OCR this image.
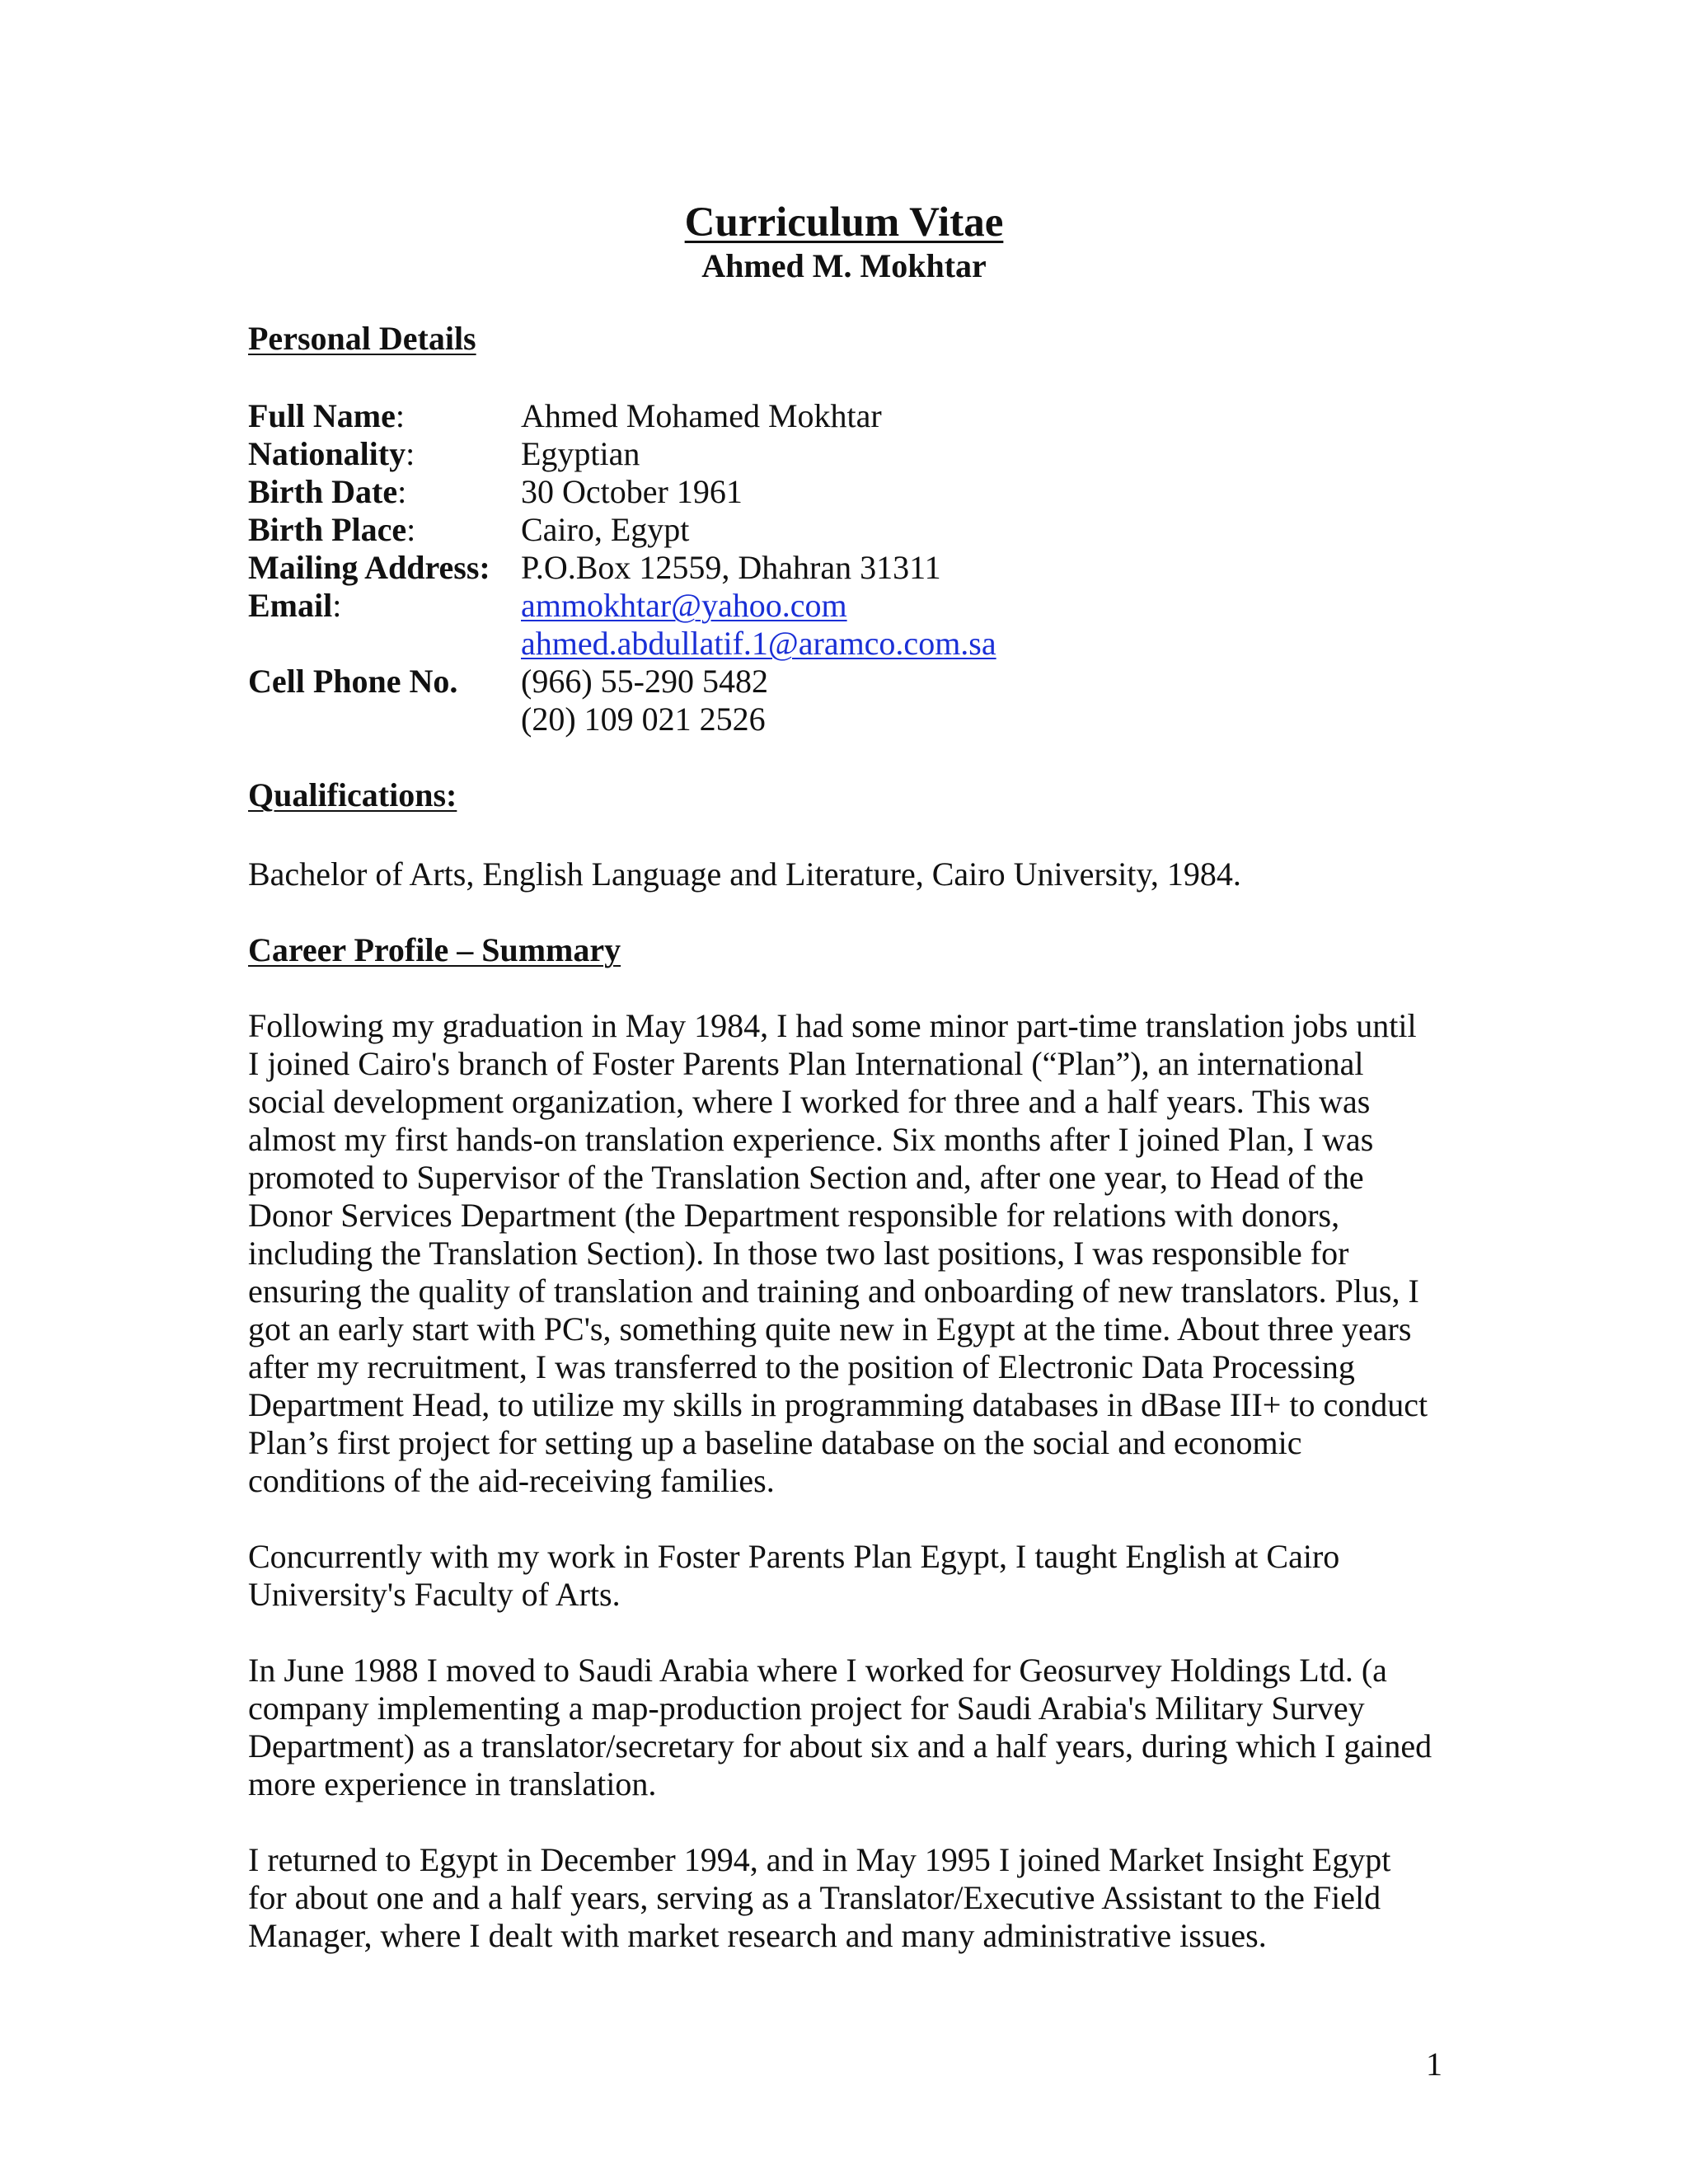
Curriculum Vitae
Ahmed M. Mokhtar
Personal Details
Full Name:	Ahmed Mohamed Mokhtar
Nationality:	Egyptian
Birth Date:	30 October 1961
Birth Place:	Cairo, Egypt
Mailing Address: P.O.Box 12559, Dhahran 31311
Email:	ammokhtar@yahoo.com
ahmed.abdullatif.1@aramco.com.sa
Cell Phone No. (966) 55-290 5482
(20) 109 021 2526
Qualifications:

Bachelor of Arts, English Language and Literature, Cairo University, 1984.

Career Profile – Summary
Following my graduation in May 1984, I had some minor part-time translation jobs until
I joined Cairo's branch of Foster Parents Plan International (“Plan”), an international
social development organization, where I worked for three and a half years. This was
almost my first hands-on translation experience. Six months after I joined Plan, I was
promoted to Supervisor of the Translation Section and, after one year, to Head of the
Donor Services Department (the Department responsible for relations with donors,
including the Translation Section). In those two last positions, I was responsible for
ensuring the quality of translation and training and onboarding of new translators. Plus, I
got an early start with PC's, something quite new in Egypt at the time. About three years
after my recruitment, I was transferred to the position of Electronic Data Processing
Department Head, to utilize my skills in programming databases in dBase III+ to conduct
Plan’s first project for setting up a baseline database on the social and economic
conditions of the aid-receiving families.
Concurrently with my work in Foster Parents Plan Egypt, I taught English at Cairo
University's Faculty of Arts.
In June 1988 I moved to Saudi Arabia where I worked for Geosurvey Holdings Ltd. (a
company implementing a map-production project for Saudi Arabia's Military Survey
Department) as a translator/secretary for about six and a half years, during which I gained
more experience in translation.
I returned to Egypt in December 1994, and in May 1995 I joined Market Insight Egypt
for about one and a half years, serving as a Translator/Executive Assistant to the Field
Manager, where I dealt with market research and many administrative issues.
1
